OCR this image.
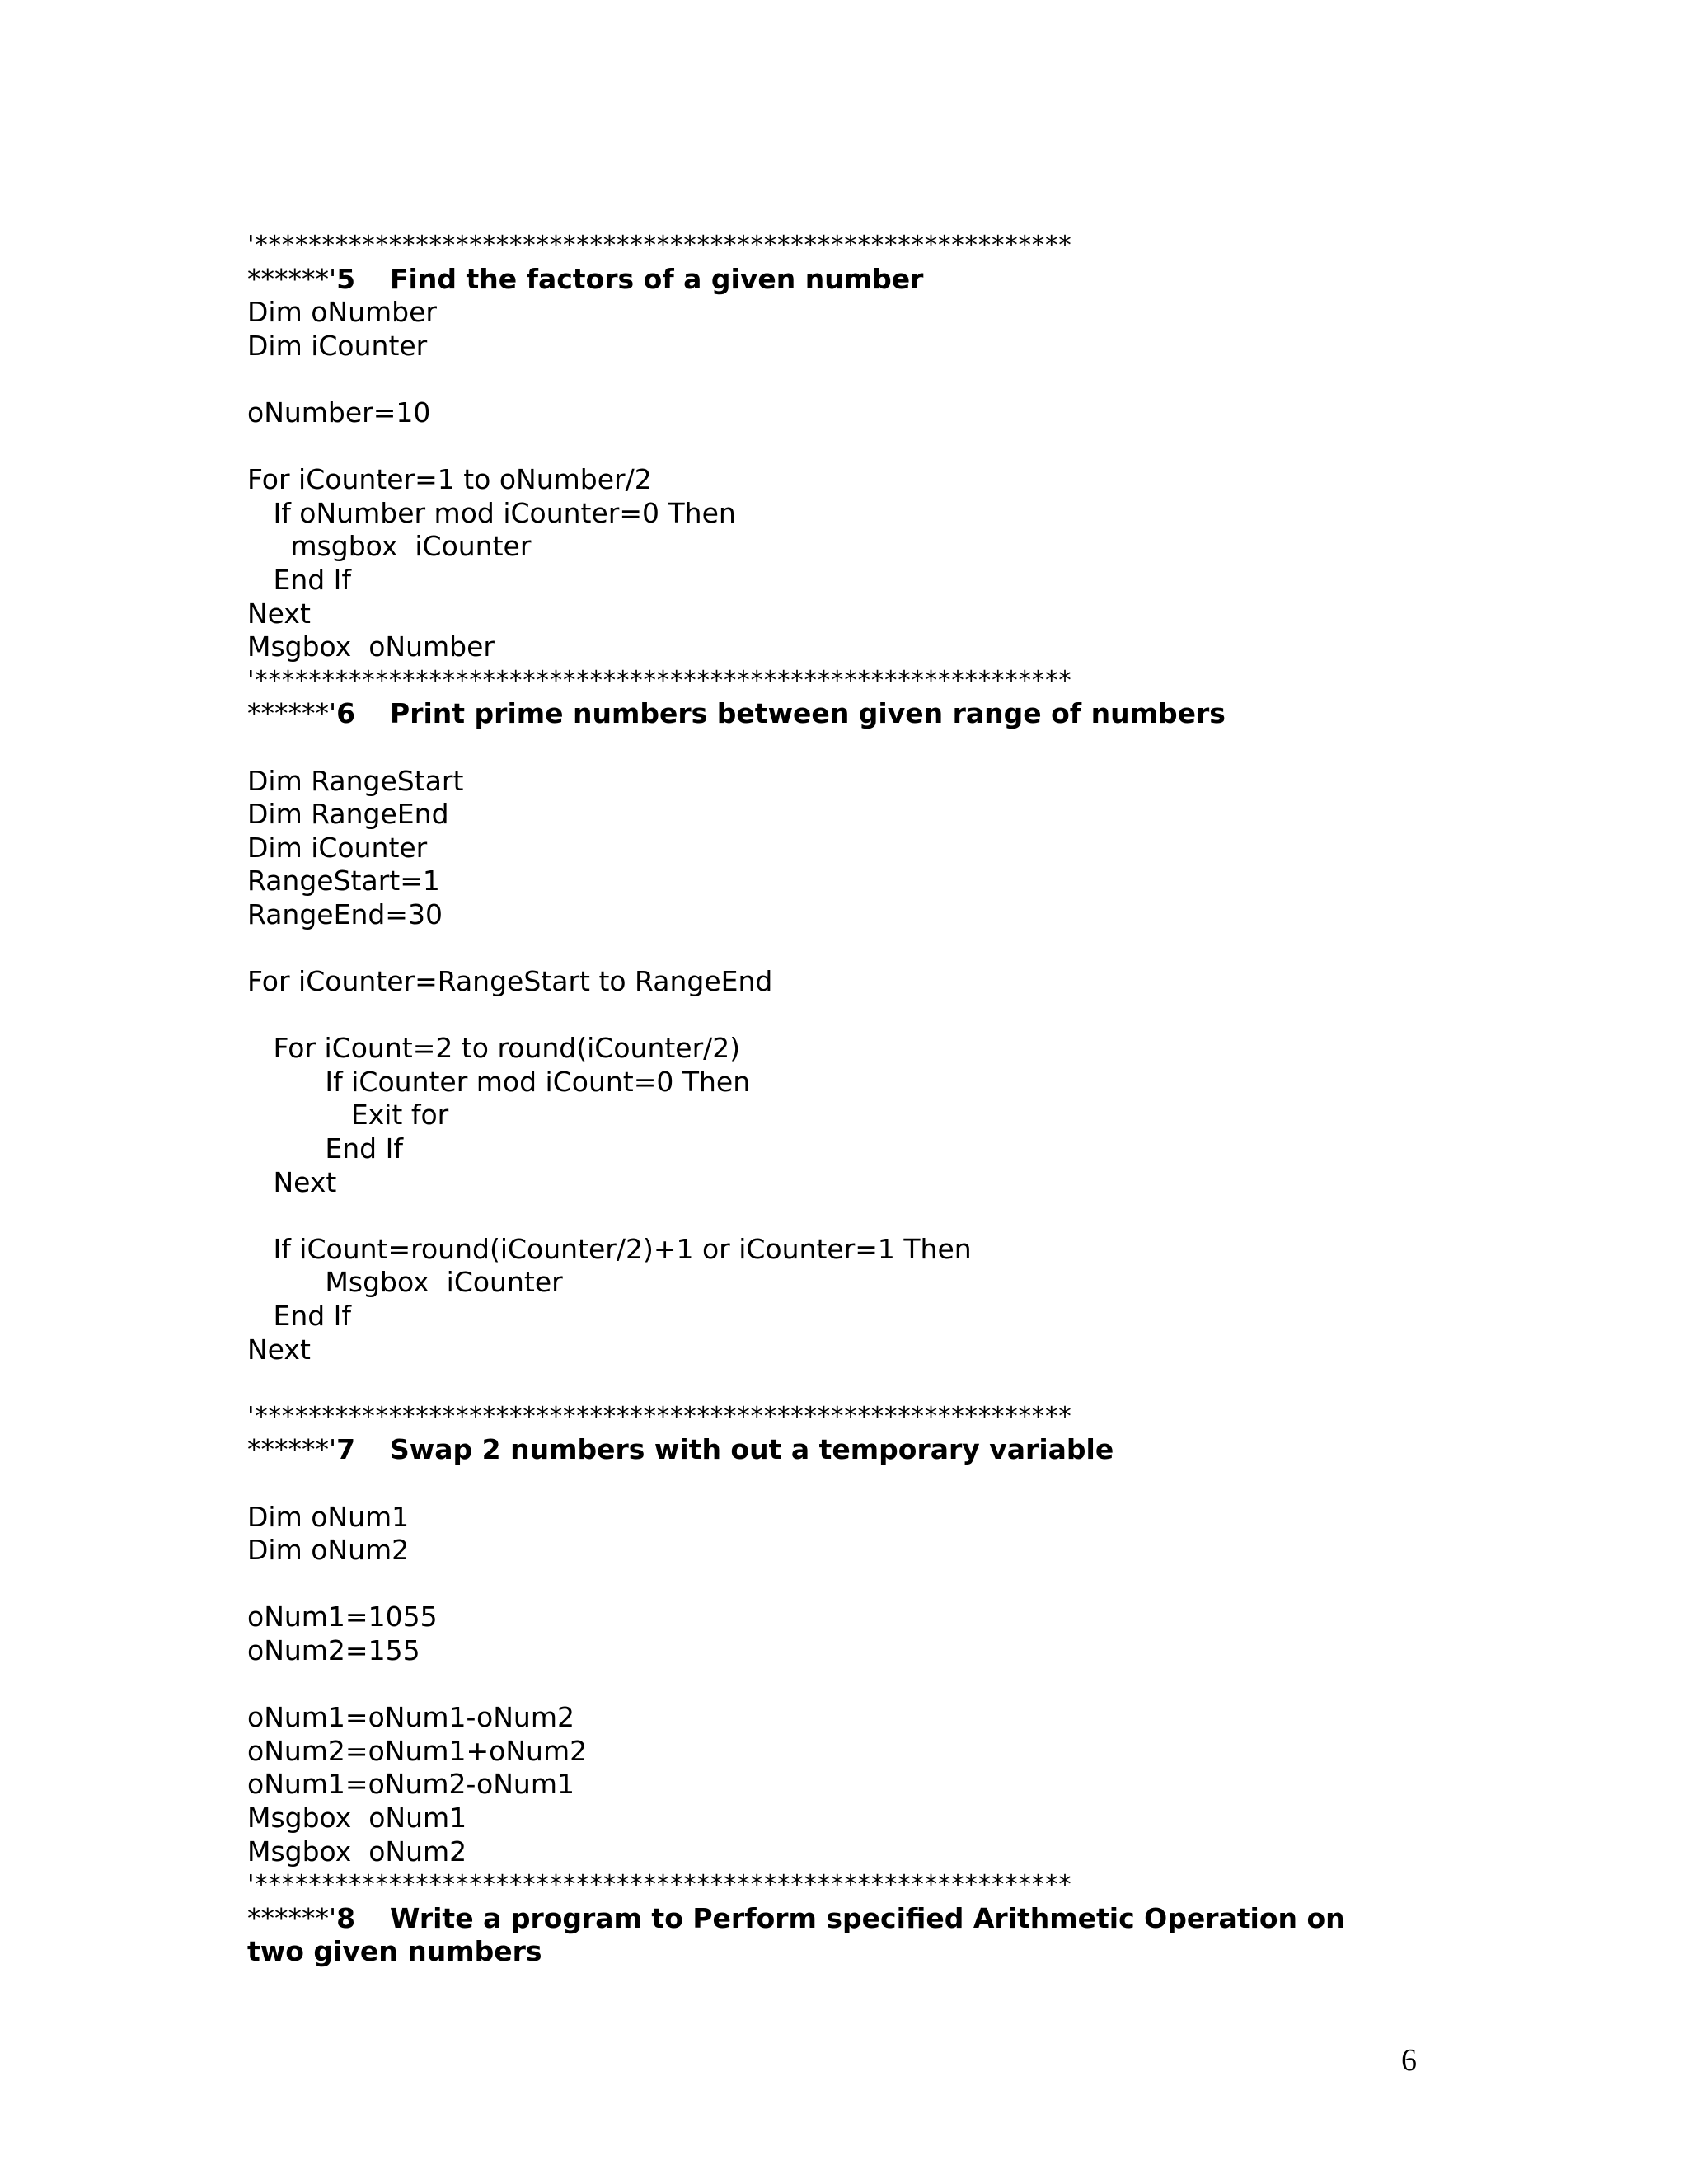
'*************************************************************
******'5 Find the factors of a given number
Dim oNumber
Dim iCounter
oNumber=10
For iCounter=1 to oNumber/2
If oNumber mod iCounter=0 Then
msgbox  iCounter
End If
Next
Msgbox  oNumber
'*************************************************************
******'6 Print prime numbers between given range of numbers
Dim RangeStart
Dim RangeEnd
Dim iCounter
RangeStart=1
RangeEnd=30
For iCounter=RangeStart to RangeEnd
For iCount=2 to round(iCounter/2)
If iCounter mod iCount=0 Then
Exit for
End If
Next
If iCount=round(iCounter/2)+1 or iCounter=1 Then
Msgbox  iCounter
End If
Next
'*************************************************************
******'7 Swap 2 numbers with out a temporary variable
Dim oNum1
Dim oNum2
oNum1=1055
oNum2=155
oNum1=oNum1-oNum2
oNum2=oNum1+oNum2
oNum1=oNum2-oNum1
Msgbox  oNum1
Msgbox  oNum2
'*************************************************************
******'8 Write a program to Perform specified Arithmetic Operation on
two given numbers
6
